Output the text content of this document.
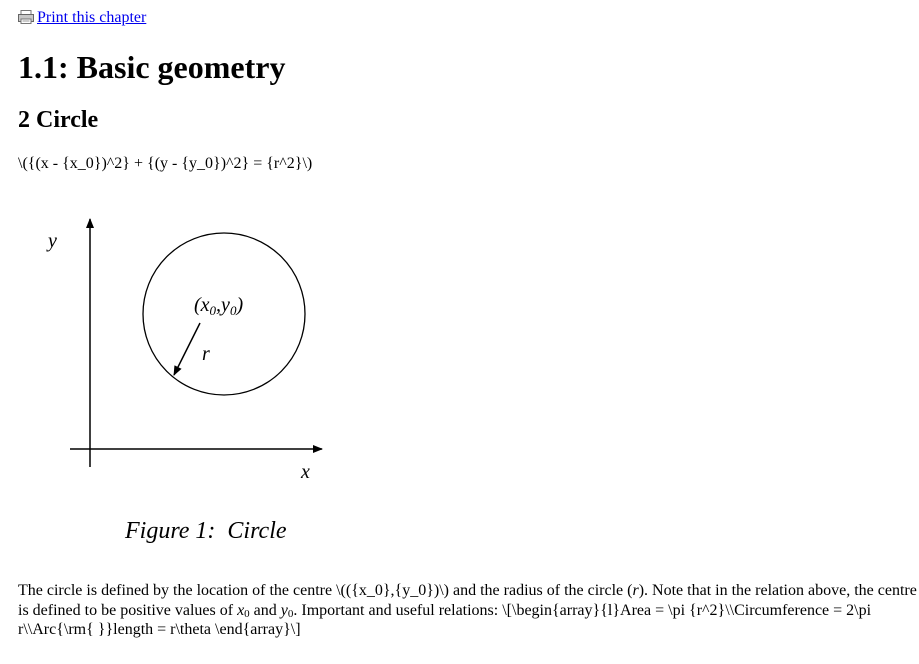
Print this chapter
1.1: Basic geometry
2 Circle
\({(x - {x_0})^2} + {(y - {y_0})^2} = {r^2}\)
y
x
r
$(x_0,y_0)$
Figure 1:  Circle

The circle is defined by the location of the centre \(({x_0},{y_0})\) and the radius of the circle (r). Note that in the relation above, the centre is defined to be positive values of $x_0$ and $y_0$. Important and useful relations: \[\begin{array}{l}Area = \pi {r^2}\\Circumference = 2\pi r\\Arc{\rm{ }}length = r\theta \end{array}\]
